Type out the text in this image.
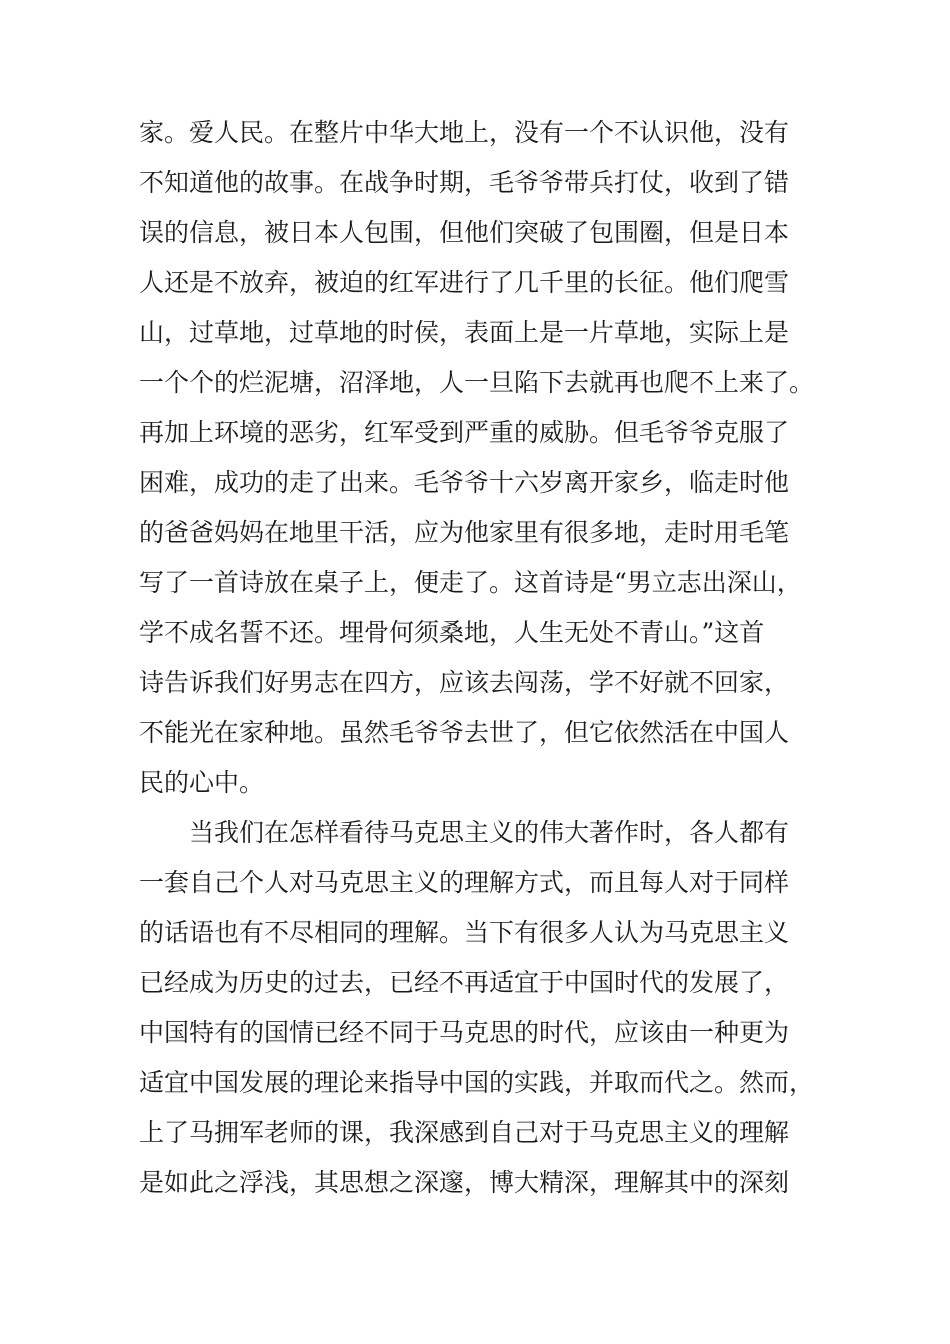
家。爱人民。在整片中华大地上，没有一个不认识他，没有
不知道他的故事。在战争时期，毛爷爷带兵打仗，收到了错
误的信息，被日本人包围，但他们突破了包围圈，但是日本
人还是不放弃，被迫的红军进行了几千里的长征。他们爬雪
山，过草地，过草地的时侯，表面上是一片草地，实际上是
一个个的烂泥塘，沼泽地，人一旦陷下去就再也爬不上来了。
再加上环境的恶劣，红军受到严重的威胁。但毛爷爷克服了
困难，成功的走了出来。毛爷爷十六岁离开家乡，临走时他
的爸爸妈妈在地里干活，应为他家里有很多地，走时用毛笔
写了一首诗放在桌子上，便走了。这首诗是“男立志出深山，
学不成名誓不还。埋骨何须桑地，人生无处不青山。”这首
诗告诉我们好男志在四方，应该去闯荡，学不好就不回家，
不能光在家种地。虽然毛爷爷去世了，但它依然活在中国人
民的心中。
当我们在怎样看待马克思主义的伟大著作时，各人都有
一套自己个人对马克思主义的理解方式，而且每人对于同样
的话语也有不尽相同的理解。当下有很多人认为马克思主义
已经成为历史的过去，已经不再适宜于中国时代的发展了，
中国特有的国情已经不同于马克思的时代，应该由一种更为
适宜中国发展的理论来指导中国的实践，并取而代之。然而，
上了马拥军老师的课，我深感到自己对于马克思主义的理解
是如此之浮浅，其思想之深邃，博大精深，理解其中的深刻
